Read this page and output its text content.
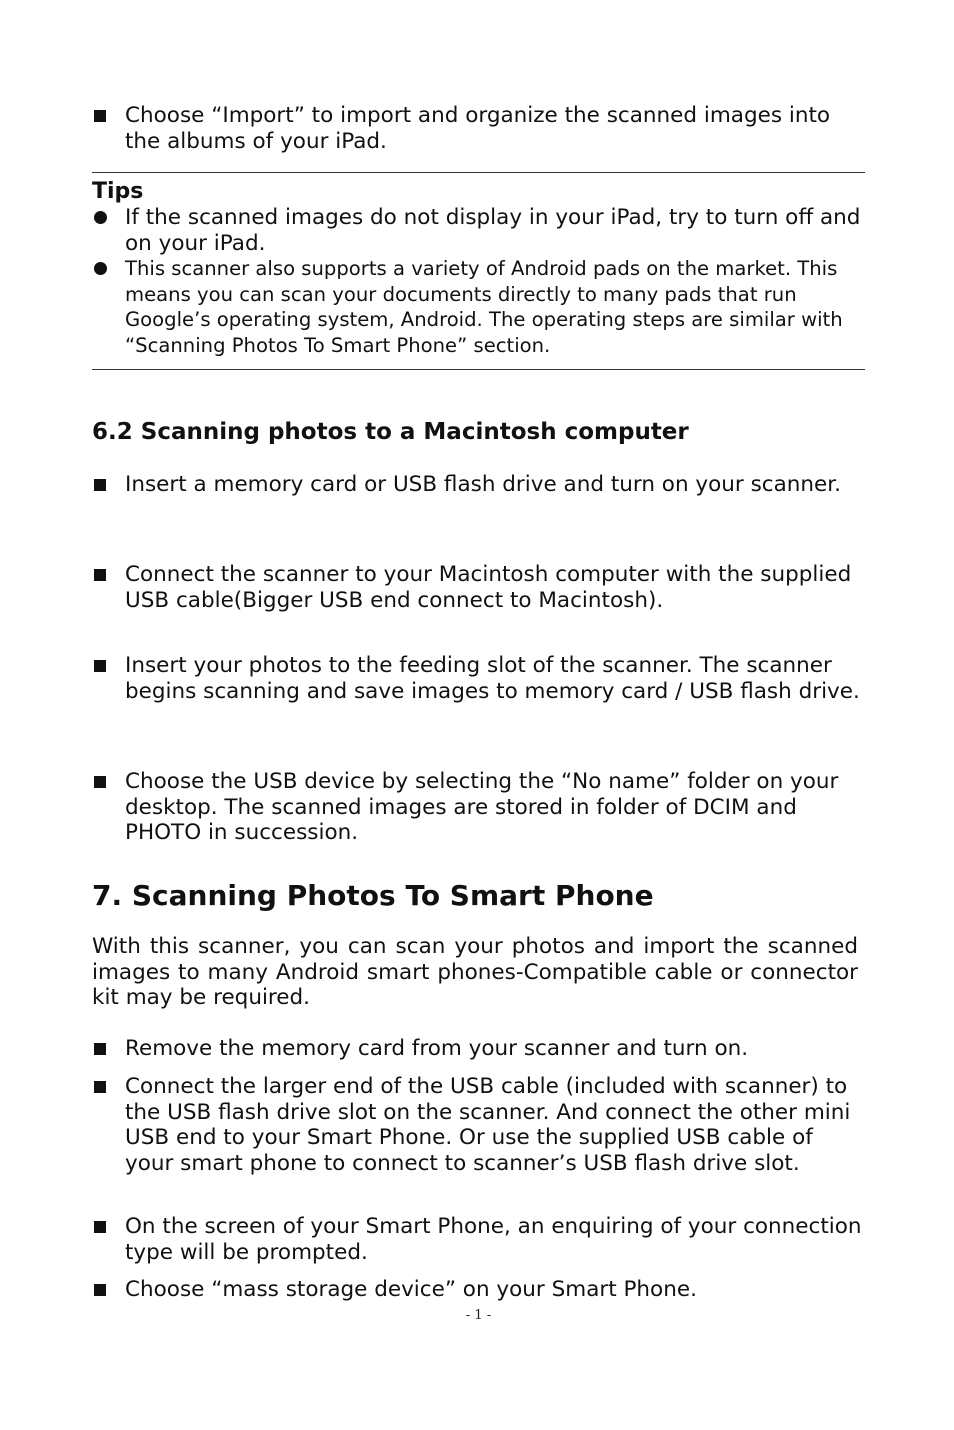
Choose “Import” to import and organize the scanned images into the albums of your iPad.
Tips
If the scanned images do not display in your iPad, try to turn off and on your iPad.
This scanner also supports a variety of Android pads on the market. This means you can scan your documents directly to many pads that run Google’s operating system, Android. The operating steps are similar with “Scanning Photos To Smart Phone” section.
6.2 Scanning photos to a Macintosh computer
Insert a memory card or USB flash drive and turn on your scanner.
Connect the scanner to your Macintosh computer with the supplied USB cable(Bigger USB end connect to Macintosh).
Insert your photos to the feeding slot of the scanner. The scanner begins scanning and save images to memory card / USB flash drive.
Choose the USB device by selecting the “No name” folder on your desktop. The scanned images are stored in folder of DCIM and PHOTO in succession.
7. Scanning Photos To Smart Phone
With this scanner, you can scan your photos and import the scanned images to many Android smart phones-Compatible cable or connector kit may be required.
Remove the memory card from your scanner and turn on.
Connect the larger end of the USB cable (included with scanner) to the USB flash drive slot on the scanner. And connect the other mini USB end to your Smart Phone. Or use the supplied USB cable of your smart phone to connect to scanner’s USB flash drive slot.
On the screen of your Smart Phone, an enquiring of your connection type will be prompted.
Choose “mass storage device” on your Smart Phone.
- 1 -
